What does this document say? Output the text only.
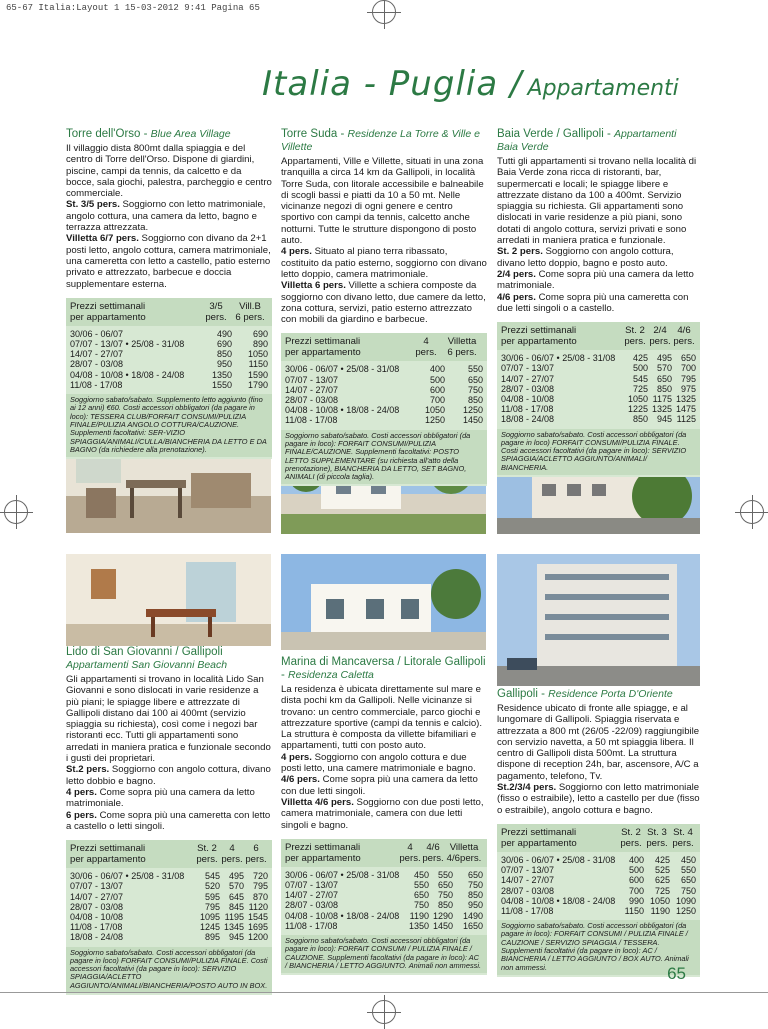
65-67 Italia:Layout 1 15-03-2012 9:41 Pagina 65
Italia - Puglia / Appartamenti
Torre dell'Orso - Blue Area Village

Il villaggio dista 800mt dalla spiaggia e del centro di Torre dell'Orso. Dispone di giardini, piscine, campi da tennis, da calcetto e da bocce, sala giochi, palestra, parcheggio e centro commerciale.

St. 3/5 pers. Soggiorno con letto matrimoniale, angolo cottura, una camera da letto, bagno e terrazza attrezzata.

Villetta 6/7 pers. Soggiorno con divano da 2+1 posti letto, angolo cottura, camera matrimoniale, una cameretta con letto a castello, patio esterno privato e attrezzato, barbecue e doccia supplementare esterna.

Prezzi settimanali
per appartamento
3/5
pers.
Vill.B
6 pers.
30/06 - 06/07	490	690
07/07 - 13/07 • 25/08 - 31/08	690	890
14/07 - 27/07	850	1050
28/07 - 03/08	950	1150
04/08 - 10/08 • 18/08 - 24/08	1350	1590
11/08 - 17/08	1550	1790
Soggiorno sabato/sabato. Supplemento letto aggiunto (fino ai 12 anni) €60. Costi accessori obbligatori (da pagare in loco): TESSERA CLUB/FORFAIT CONSUMI/PULIZIA FINALE/PULIZIA ANGOLO COTTURA/CAUZIONE. Supplementi facoltativi: SER-VIZIO SPIAGGIA/ANIMALI/CULLA/BIANCHERIA DA LETTO E DA BAGNO (da richiedere alla prenotazione).
Torre Suda - Residenze La Torre & Ville e Villette

Appartamenti, Ville e Villette, situati in una zona tranquilla a circa 14 km da Gallipoli, in località Torre Suda, con litorale accessibile e balneabile di scogli bassi e piatti da 10 a 50 mt. Nelle vicinanze negozi di ogni genere e centro sportivo con campi da tennis, calcetto anche notturni. Tutte le strutture dispongono di posto auto.

4 pers. Situato al piano terra ribassato, costituito da patio esterno, soggiorno con divano letto doppio, camera matrimoniale.

Villetta 6 pers. Villette a schiera composte da soggiorno con divano letto, due camere da letto, zona cottura, servizi, patio esterno attrezzato con mobili da giardino e barbecue.

Prezzi settimanali
per appartamento
4
pers.
Villetta
6 pers.
30/06 - 06/07 • 25/08 - 31/08	400	550
07/07 - 13/07	500	650
14/07 - 27/07	600	750
28/07 - 03/08	700	850
04/08 - 10/08 • 18/08 - 24/08	1050	1250
11/08 - 17/08	1250	1450
Soggiorno sabato/sabato. Costi accessori obbligatori (da pagare in loco): FORFAIT CONSUMI/PULIZIA FINALE/CAUZIONE. Supplementi facoltativi: POSTO LETTO SUPPLEMENTARE (su richiesta all'atto della prenotazione), BIANCHERIA DA LETTO, SET BAGNO, ANIMALI (di piccola taglia).
Baia Verde / Gallipoli - Appartamenti Baia Verde

Tutti gli appartamenti si trovano nella località di Baia Verde zona ricca di ristoranti, bar, supermercati e locali; le spiagge libere e attrezzate distano da 100 a 400mt. Servizio spiaggia su richiesta. Gli appartamenti sono dislocati in varie residenze a più piani, sono dotati di angolo cottura, servizi privati e sono arredati in maniera pratica e funzionale.

St. 2 pers. Soggiorno con angolo cottura, divano letto doppio, bagno e posto auto.

2/4 pers. Come sopra più una camera da letto matrimoniale.

4/6 pers. Come sopra più una cameretta con due letti singoli o a castello.

Prezzi settimanali
per appartamento
St. 2
pers.
2/4
pers.
4/6
pers.
30/06 - 06/07 • 25/08 - 31/08	425 495 650
07/07 - 13/07	500 570 700
14/07 - 27/07	545 650 795
28/07 - 03/08	725 850 975
04/08 - 10/08	1050 1175 1325
11/08 - 17/08	1225 1325 1475
18/08 - 24/08	850 945 1125
Soggiorno sabato/sabato. Costi accessori obbligatori (da pagare in loco) FORFAIT CONSUMI/PULIZIA FINALE. Costi accessori facoltativi (da pagare in loco): SERVIZIO SPIAGGIA/ACLETTO AGGIUNTO/ANIMALI/ BIANCHERIA.
Lido di San Giovanni / Gallipoli
Appartamenti San Giovanni Beach

Gli appartamenti si trovano in località Lido San Giovanni e sono dislocati in varie residenze a più piani; le spiagge libere e attrezzate di Gallipoli distano dai 100 ai 400mt (servizio spiaggia su richiesta), così come i negozi bar ristoranti ecc. Tutti gli appartamenti sono arredati in maniera pratica e funzionale secondo i gusti dei proprietari.

St.2 pers. Soggiorno con angolo cottura, divano letto dobbio e bagno.

4 pers. Come sopra più una camera da letto matrimoniale.

6 pers. Come sopra più una cameretta con letto a castello o letti singoli.

Prezzi settimanali
per appartamento
St. 2
pers.
4
pers.
6
pers.
30/06 - 06/07 • 25/08 - 31/08	545 495 720
07/07 - 13/07	520 570 795
14/07 - 27/07	595 645 870
28/07 - 03/08	795 845 1120
04/08 - 10/08	1095 1195 1545
11/08 - 17/08	1245 1345 1695
18/08 - 24/08	895 945 1200
Soggiorno sabato/sabato. Costi accessori obbligatori (da pagare in loco) FORFAIT CONSUMI/PULIZIA FINALE. Costi accessori facoltativi (da pagare in loco): SERVIZIO SPIAGGIA/ACLETTO AGGIUNTO/ANIMALI/BIANCHERIA/POSTO AUTO IN BOX.
Marina di Mancaversa / Litorale Gallipoli - Residenza Caletta

La residenza è ubicata direttamente sul mare e dista pochi km da Gallipoli. Nelle vicinanze si trovano: un centro commerciale, parco giochi e attrezzature sportive (campi da tennis e calcio). La struttura è composta da villette bifamiliari e appartamenti, tutti con posto auto.

4 pers. Soggiorno con angolo cottura e due posti letto, una camere matrimoniale e bagno.

4/6 pers. Come sopra più una camera da letto con due letti singoli.

Villetta 4/6 pers. Soggiorno con due posti letto, camera matrimoniale, camera con due letti singoli e bagno.

Prezzi settimanali
per appartamento
4
pers.
4/6
pers.
Villetta
4/6pers.
30/06 - 06/07 • 25/08 - 31/08	450 550	650
07/07 - 13/07	550 650	750
14/07 - 27/07	650 750	850
28/07 - 03/08	750 850	950
04/08 - 10/08 • 18/08 - 24/08	1190 1290	1490
11/08 - 17/08	1350 1450	1650
Soggiorno sabato/sabato. Costi accessori obbligatori (da pagare in loco): FORFAIT CONSUMI / PULIZIA FINALE / CAUZIONE. Supplementi facoltativi (da pagare in loco): AC / BIANCHERIA / LETTO AGGIUNTO. Animali non ammessi.
Gallipoli - Residence Porta D'Oriente

Residence ubicato di fronte alle spiagge, e al lungomare di Gallipoli. Spiaggia riservata e attrezzata a 800 mt (26/05 -22/09) raggiungibile con servizio navetta, a 50 mt spiaggia libera. Il centro di Gallipoli dista 500mt. La struttura dispone di reception 24h, bar, ascensore, A/C a pagamento, telefono, Tv.

St.2/3/4 pers. Soggiorno con letto matrimoniale (fisso o estraibile), letto a castello per due (fisso o estraibile), angolo cottura e bagno.

Prezzi settimanali
per appartamento
St. 2
pers.
St. 3
pers.
St. 4
pers.
30/06 - 06/07 • 25/08 - 31/08	400	425	450
07/07 - 13/07	500	525	550
14/07 - 27/07	600	625	650
28/07 - 03/08	700	725	750
04/08 - 10/08 • 18/08 - 24/08	990 1050 1090
11/08 - 17/08	1150 1190 1250
Soggiorno sabato/sabato. Costi accessori obbligatori (da pagare in loco): FORFAIT CONSUMI / PULIZIA FINALE / CAUZIONE / SERVIZIO SPIAGGIA / TESSERA. Supplementi facoltativi (da pagare in loco): AC / BIANCHERIA / LETTO AGGIUNTO / BOX AUTO. Animali non ammessi.	65
